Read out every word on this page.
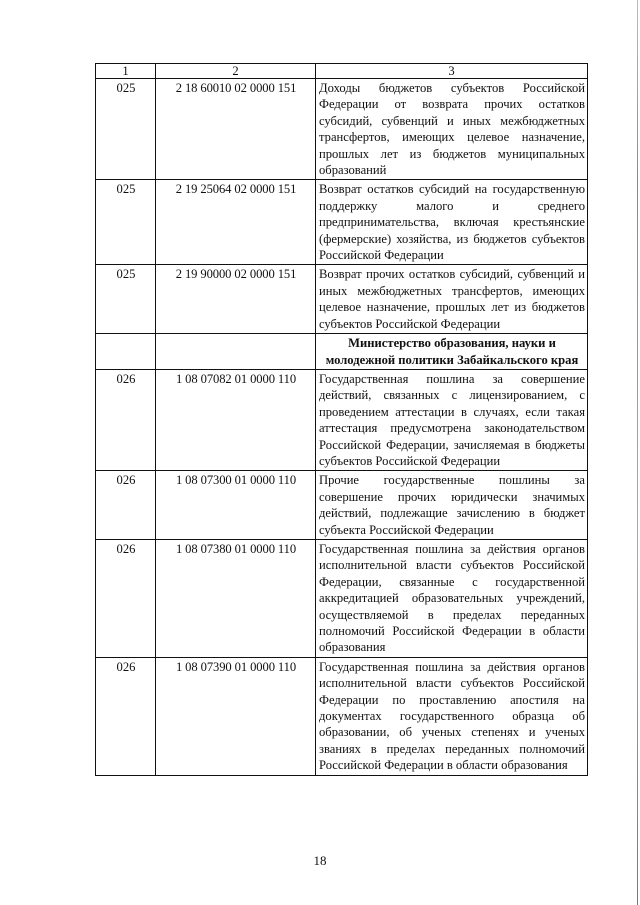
1	2	3
025	2 18 60010 02 0000 151	Доходы бюджетов субъектов Российской Федерации от возврата прочих остатков субсидий, субвенций и иных межбюджетных трансфертов, имеющих целевое назначение, прошлых лет из бюджетов муниципальных образований
025	2 19 25064 02 0000 151	Возврат остатков субсидий на государственную поддержку малого и среднего предпринимательства, включая крестьянские (фермерские) хозяйства, из бюджетов субъектов Российской Федерации
025	2 19 90000 02 0000 151	Возврат прочих остатков субсидий, субвенций и иных межбюджетных трансфертов, имеющих целевое назначение, прошлых лет из бюджетов субъектов Российской Федерации
		Министерство образования, науки и молодежной политики Забайкальского края
026	1 08 07082 01 0000 110	Государственная пошлина за совершение действий, связанных с лицензированием, с проведением аттестации в случаях, если такая аттестация предусмотрена законодательством Российской Федерации, зачисляемая в бюджеты субъектов Российской Федерации
026	1 08 07300 01 0000 110	Прочие государственные пошлины за совершение прочих юридически значимых действий, подлежащие зачислению в бюджет субъекта Российской Федерации
026	1 08 07380 01 0000 110	Государственная пошлина за действия органов исполнительной власти субъектов Российской Федерации, связанные с государственной аккредитацией образовательных учреждений, осуществляемой в пределах переданных полномочий Российской Федерации в области образования
026	1 08 07390 01 0000 110	Государственная пошлина за действия органов исполнительной власти субъектов Российской Федерации по проставлению апостиля на документах государственного образца об образовании, об ученых степенях и ученых званиях в пределах переданных полномочий Российской Федерации в области образования
18
